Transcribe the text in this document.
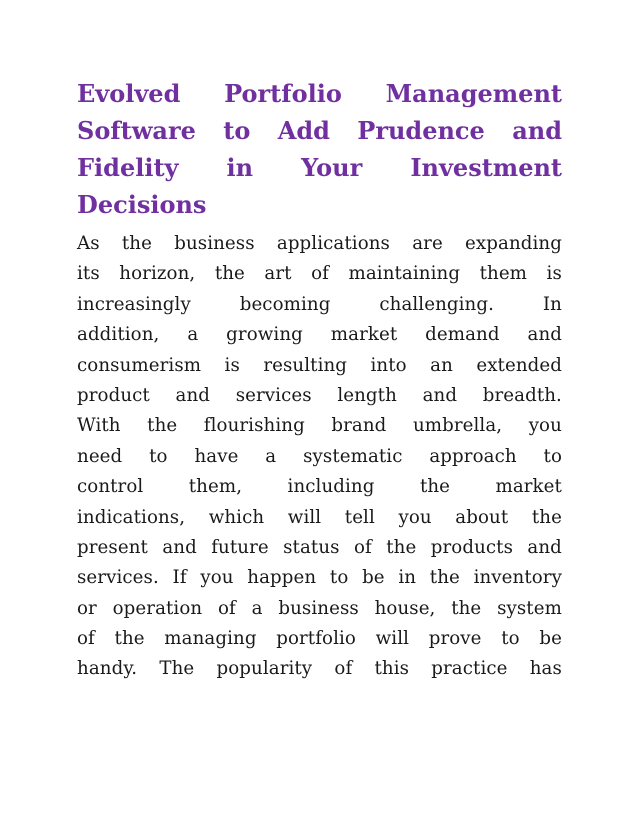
Evolved Portfolio Management
Software to Add Prudence and
Fidelity in Your Investment
Decisions

As the business applications are expanding
its horizon, the art of maintaining them is
increasingly	becoming	challenging.	In
addition, a growing market demand and
consumerism is resulting into an extended
product and services length and breadth.
With the flourishing brand umbrella, you
need to have a systematic approach to
control them, including the market
indications, which will tell you about the
present and future status of the products and
services. If you happen to be in the inventory
or operation of a business house, the system
of the managing portfolio will prove to be
handy. The popularity of this practice has
